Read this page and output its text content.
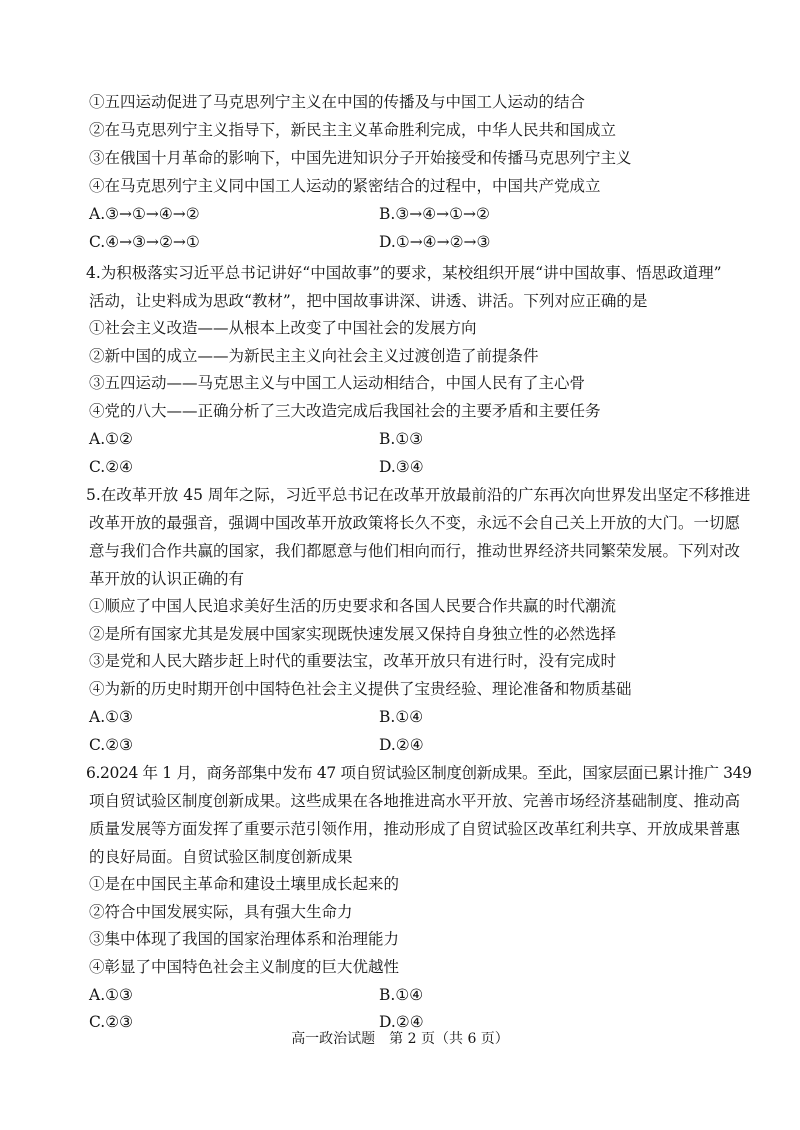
①五四运动促进了马克思列宁主义在中国的传播及与中国工人运动的结合
②在马克思列宁主义指导下，新民主主义革命胜利完成，中华人民共和国成立
③在俄国十月革命的影响下，中国先进知识分子开始接受和传播马克思列宁主义
④在马克思列宁主义同中国工人运动的紧密结合的过程中，中国共产党成立
A.③→①→④→②	B.③→④→①→②
C.④→③→②→①	D.①→④→②→③
4.为积极落实习近平总书记讲好“中国故事”的要求，某校组织开展“讲中国故事、悟思政道理”
活动，让史料成为思政“教材”，把中国故事讲深、讲透、讲活。下列对应正确的是
①社会主义改造——从根本上改变了中国社会的发展方向
②新中国的成立——为新民主主义向社会主义过渡创造了前提条件
③五四运动——马克思主义与中国工人运动相结合，中国人民有了主心骨
④党的八大——正确分析了三大改造完成后我国社会的主要矛盾和主要任务
A.①②	B.①③
C.②④	D.③④
5.在改革开放 45 周年之际，习近平总书记在改革开放最前沿的广东再次向世界发出坚定不移推进
改革开放的最强音，强调中国改革开放政策将长久不变，永远不会自己关上开放的大门。一切愿
意与我们合作共赢的国家，我们都愿意与他们相向而行，推动世界经济共同繁荣发展。下列对改
革开放的认识正确的有
①顺应了中国人民追求美好生活的历史要求和各国人民要合作共赢的时代潮流
②是所有国家尤其是发展中国家实现既快速发展又保持自身独立性的必然选择
③是党和人民大踏步赶上时代的重要法宝，改革开放只有进行时，没有完成时
④为新的历史时期开创中国特色社会主义提供了宝贵经验、理论准备和物质基础
A.①③	B.①④
C.②③	D.②④
6.2024 年 1 月，商务部集中发布 47 项自贸试验区制度创新成果。至此，国家层面已累计推广 349
项自贸试验区制度创新成果。这些成果在各地推进高水平开放、完善市场经济基础制度、推动高
质量发展等方面发挥了重要示范引领作用，推动形成了自贸试验区改革红利共享、开放成果普惠
的良好局面。自贸试验区制度创新成果
①是在中国民主革命和建设土壤里成长起来的
②符合中国发展实际，具有强大生命力
③集中体现了我国的国家治理体系和治理能力
④彰显了中国特色社会主义制度的巨大优越性
A.①③	B.①④
C.②③	D.②④
高一政治试题　第 2 页（共 6 页）
